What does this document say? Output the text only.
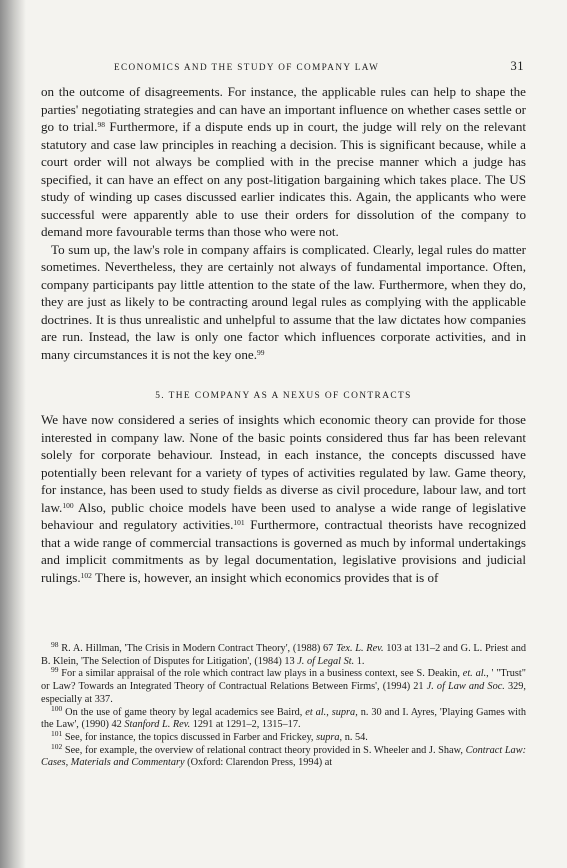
ECONOMICS AND THE STUDY OF COMPANY LAW	31

on the outcome of disagreements. For instance, the applicable rules can help to shape the parties' negotiating strategies and can have an important influence on whether cases settle or go to trial.$^{98}$ Furthermore, if a dispute ends up in court, the judge will rely on the relevant statutory and case law principles in reaching a decision. This is significant because, while a court order will not always be complied with in the precise manner which a judge has specified, it can have an effect on any post-litigation bargaining which takes place. The US study of winding up cases discussed earlier indicates this. Again, the applicants who were successful were apparently able to use their orders for dissolution of the company to demand more favourable terms than those who were not.

To sum up, the law's role in company affairs is complicated. Clearly, legal rules do matter sometimes. Nevertheless, they are certainly not always of fundamental importance. Often, company participants pay little attention to the state of the law. Furthermore, when they do, they are just as likely to be contracting around legal rules as complying with the applicable doctrines. It is thus unrealistic and unhelpful to assume that the law dictates how companies are run. Instead, the law is only one factor which influences corporate activities, and in many circumstances it is not the key one.$^{99}$

5. THE COMPANY AS A NEXUS OF CONTRACTS

We have now considered a series of insights which economic theory can provide for those interested in company law. None of the basic points considered thus far has been relevant solely for corporate behaviour. Instead, in each instance, the concepts discussed have potentially been relevant for a variety of types of activities regulated by law. Game theory, for instance, has been used to study fields as diverse as civil procedure, labour law, and tort law.$^{100}$ Also, public choice models have been used to analyse a wide range of legislative behaviour and regulatory activities.$^{101}$ Furthermore, contractual theorists have recognized that a wide range of commercial transactions is governed as much by informal undertakings and implicit commitments as by legal documentation, legislative provisions and judicial rulings.$^{102}$ There is, however, an insight which economics provides that is of

$^{98}$ R. A. Hillman, 'The Crisis in Modern Contract Theory', (1988) 67 Tex. L. Rev. 103 at 131–2 and G. L. Priest and B. Klein, 'The Selection of Disputes for Litigation', (1984) 13 J. of Legal St. 1.

$^{99}$ For a similar appraisal of the role which contract law plays in a business context, see S. Deakin, et. al., ' "Trust" or Law? Towards an Integrated Theory of Contractual Relations Between Firms', (1994) 21 J. of Law and Soc. 329, especially at 337.

$^{100}$ On the use of game theory by legal academics see Baird, et al., supra, n. 30 and I. Ayres, 'Playing Games with the Law', (1990) 42 Stanford L. Rev. 1291 at 1291–2, 1315–17.

$^{101}$ See, for instance, the topics discussed in Farber and Frickey, supra, n. 54.

$^{102}$ See, for example, the overview of relational contract theory provided in S. Wheeler and J. Shaw, Contract Law: Cases, Materials and Commentary (Oxford: Clarendon Press, 1994) at
